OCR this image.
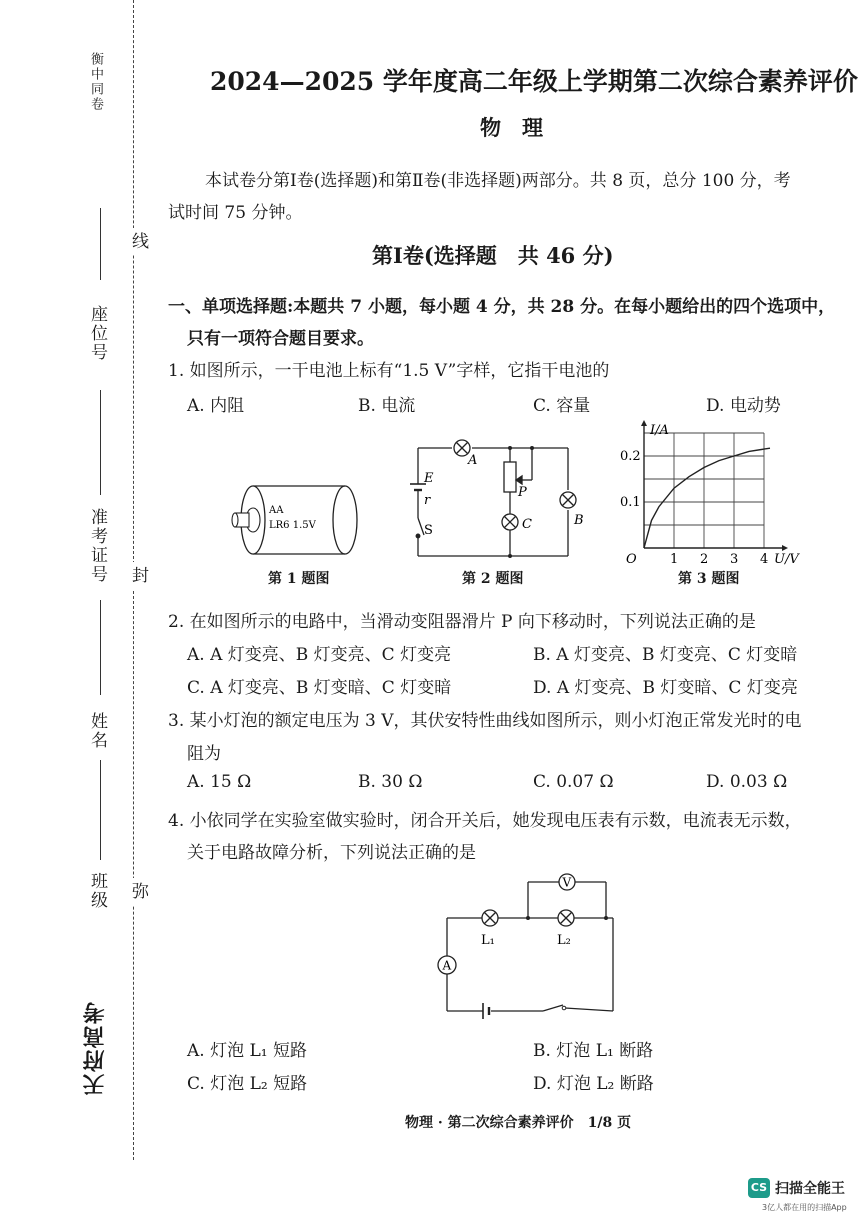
衡中同卷
线
封
弥
座位号
准考证号
姓名
班级
天府高考
2024—2025 学年度高二年级上学期第二次综合素养评价
物　理
本试卷分第Ⅰ卷(选择题)和第Ⅱ卷(非选择题)两部分。共 8 页，总分 100 分，考
试时间 75 分钟。
第Ⅰ卷(选择题　共 46 分)
一、单项选择题:本题共 7 小题，每小题 4 分，共 28 分。在每小题给出的四个选项中，
只有一项符合题目要求。
1. 如图所示，一干电池上标有“1.5 V”字样，它指干电池的
A. 内阻	B. 电流	C. 容量	D. 电动势
AA
LR6 1.5V
第 1 题图
E
r
S
A
P
C	B
第 2 题图
1 2 3 4
0.1
0.2
O	U/V
I/A
第 3 题图
2. 在如图所示的电路中，当滑动变阻器滑片 P 向下移动时，下列说法正确的是
A. A 灯变亮、B 灯变亮、C 灯变亮	B. A 灯变亮、B 灯变亮、C 灯变暗
C. A 灯变亮、B 灯变暗、C 灯变暗	D. A 灯变亮、B 灯变暗、C 灯变亮
3. 某小灯泡的额定电压为 3 V，其伏安特性曲线如图所示，则小灯泡正常发光时的电
阻为
A. 15 Ω	B. 30 Ω	C. 0.07 Ω	D. 0.03 Ω
4. 小依同学在实验室做实验时，闭合开关后，她发现电压表有示数，电流表无示数，
关于电路故障分析，下列说法正确的是
V
A
L₁	L₂
A. 灯泡 L₁ 短路	B. 灯泡 L₁ 断路
C. 灯泡 L₂ 短路	D. 灯泡 L₂ 断路
物理 · 第二次综合素养评价　1/8 页
CS 扫描全能王
3亿人都在用的扫描App
